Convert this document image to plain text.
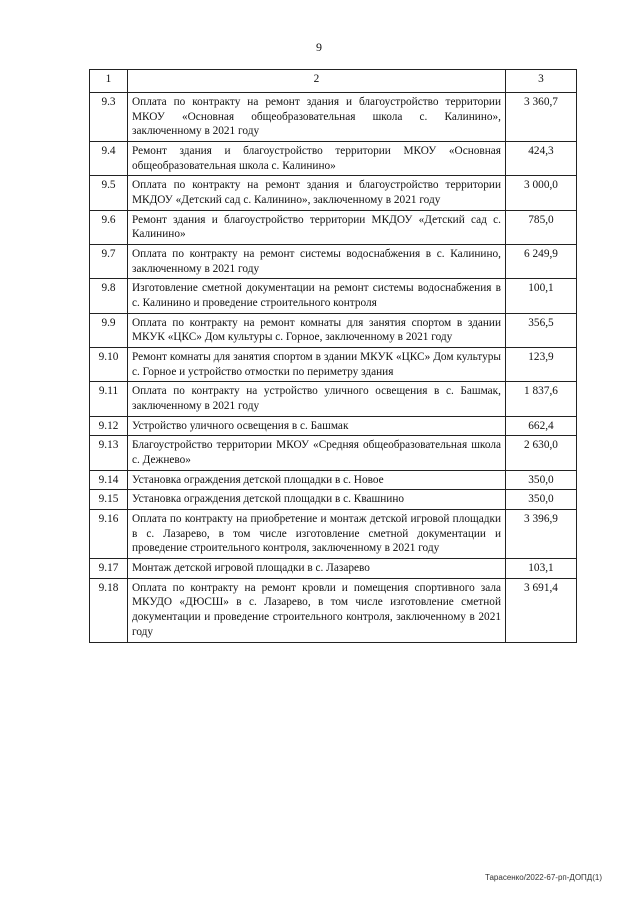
9
1	2	3
9.3	Оплата по контракту на ремонт здания и благоустройство территории МКОУ «Основная общеобразовательная школа с. Калинино», заключенному в 2021 году	3 360,7
9.4	Ремонт здания и благоустройство территории МКОУ «Основная общеобразовательная школа с. Калинино»	424,3
9.5	Оплата по контракту на ремонт здания и благоустройство территории МКДОУ «Детский сад с. Калинино», заключенному в 2021 году	3 000,0
9.6	Ремонт здания и благоустройство территории МКДОУ «Детский сад с. Калинино»	785,0
9.7	Оплата по контракту на ремонт системы водоснабжения в с. Калинино, заключенному в 2021 году	6 249,9
9.8	Изготовление сметной документации на ремонт системы водоснабжения в с. Калинино и проведение строительного контроля	100,1
9.9	Оплата по контракту на ремонт комнаты для занятия спортом в здании МКУК «ЦКС» Дом культуры с. Горное, заключенному в 2021 году	356,5
9.10	Ремонт комнаты для занятия спортом в здании МКУК «ЦКС» Дом культуры с. Горное и устройство отмостки по периметру здания	123,9
9.11	Оплата по контракту на устройство уличного освещения в с. Башмак, заключенному в 2021 году	1 837,6
9.12	Устройство уличного освещения в с. Башмак	662,4
9.13	Благоустройство территории МКОУ «Средняя общеобразовательная школа с. Дежнево»	2 630,0
9.14	Установка ограждения детской площадки в с. Новое	350,0
9.15	Установка ограждения детской площадки в с. Квашнино	350,0
9.16	Оплата по контракту на приобретение и монтаж детской игровой площадки в с. Лазарево, в том числе изготовление сметной документации и проведение строительного контроля, заключенному в 2021 году	3 396,9
9.17	Монтаж детской игровой площадки в с. Лазарево	103,1
9.18	Оплата по контракту на ремонт кровли и помещения спортивного зала МКУДО «ДЮСШ» в с. Лазарево, в том числе изготовление сметной документации и проведение строительного контроля, заключенному в 2021 году	3 691,4
Тарасенко/2022-67-рп-ДОПД(1)
